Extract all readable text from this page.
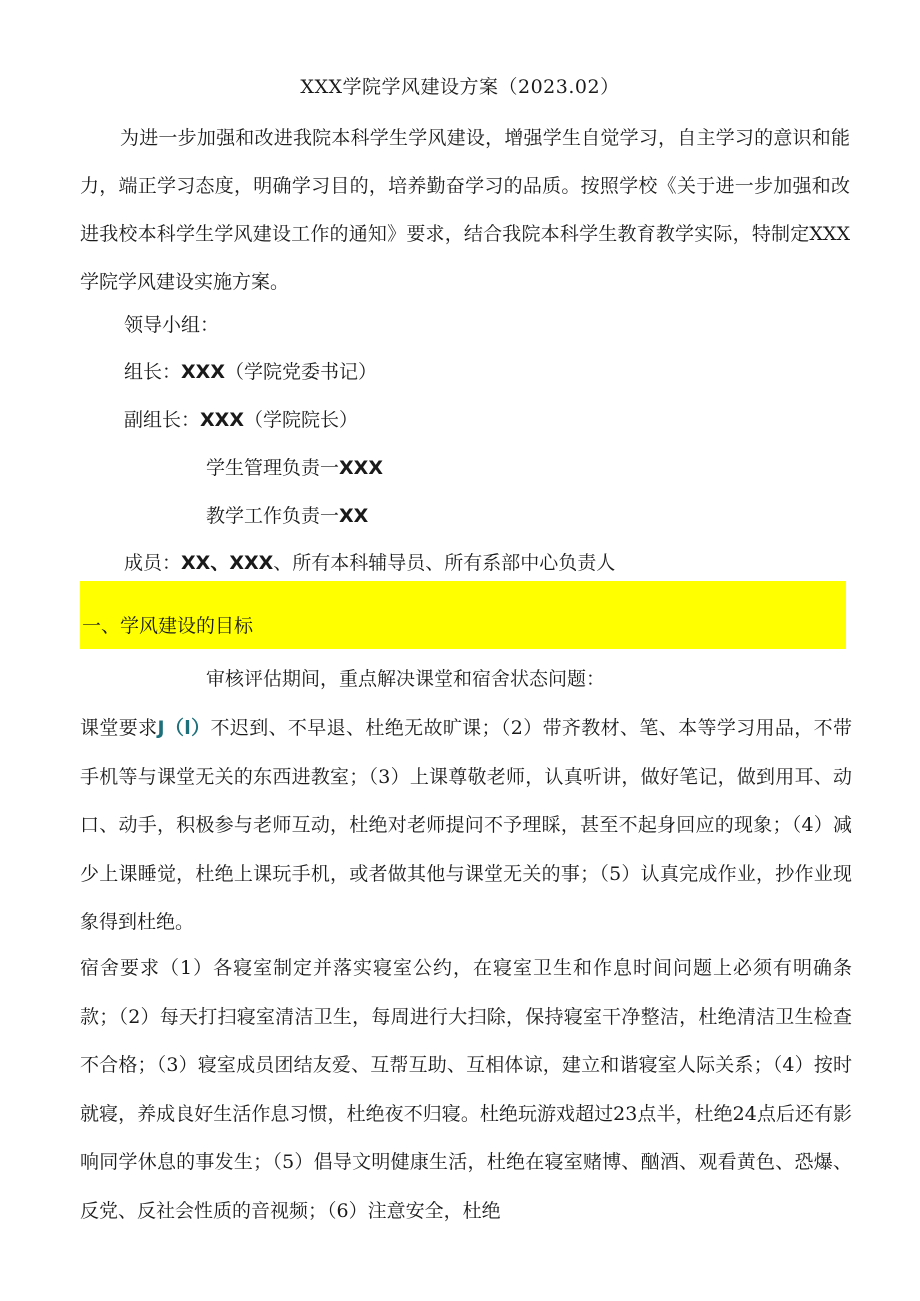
XXX学院学风建设方案（2023.02）

为进一步加强和改进我院本科学生学风建设，增强学生自觉学习，自主学习的意识和能力，端正学习态度，明确学习目的，培养勤奋学习的品质。按照学校《关于进一步加强和改进我校本科学生学风建设工作的通知》要求，结合我院本科学生教育教学实际，特制定XXX学院学风建设实施方案。

领导小组：

组长：XXX（学院党委书记）

副组长：XXX（学院院长）

学生管理负责一XXX

教学工作负责一XX

成员：XX、XXX、所有本科辅导员、所有系部中心负责人

一、学风建设的目标

审核评估期间，重点解决课堂和宿舍状态问题：

课堂要求J（l）不迟到、不早退、杜绝无故旷课；（2）带齐教材、笔、本等学习用品，不带手机等与课堂无关的东西进教室；（3）上课尊敬老师，认真听讲，做好笔记，做到用耳、动口、动手，积极参与老师互动，杜绝对老师提问不予理睬，甚至不起身回应的现象；（4）减少上课睡觉，杜绝上课玩手机，或者做其他与课堂无关的事；（5）认真完成作业，抄作业现象得到杜绝。

宿舍要求（1）各寝室制定并落实寝室公约，在寝室卫生和作息时间问题上必须有明确条款；（2）每天打扫寝室清洁卫生，每周进行大扫除，保持寝室干净整洁，杜绝清洁卫生检查不合格；（3）寝室成员团结友爱、互帮互助、互相体谅，建立和谐寝室人际关系；（4）按时就寝，养成良好生活作息习惯，杜绝夜不归寝。杜绝玩游戏超过23点半，杜绝24点后还有影响同学休息的事发生；（5）倡导文明健康生活，杜绝在寝室赌博、酗酒、观看黄色、恐爆、反党、反社会性质的音视频；（6）注意安全，杜绝
